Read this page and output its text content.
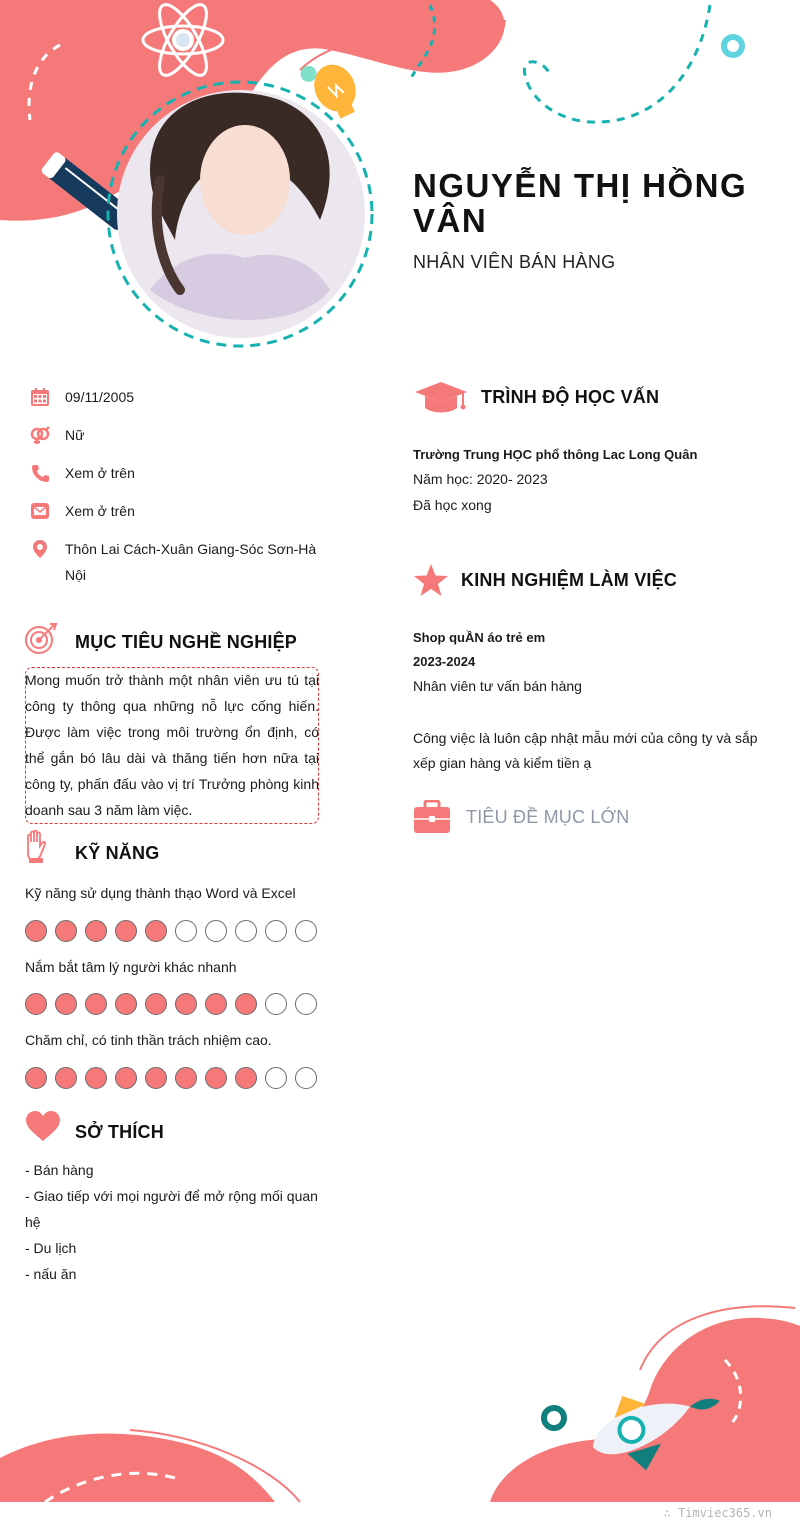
NGUYỄN THỊ HỒNG VÂN
NHÂN VIÊN BÁN HÀNG
09/11/2005
Nữ
Xem ở trên
Xem ở trên
Thôn Lai Cách-Xuân Giang-Sóc Sơn-Hà Nội
MỤC TIÊU NGHỀ NGHIỆP
Mong muốn trở thành một nhân viên ưu tú tại công ty thông qua những nỗ lực cống hiến. Được làm việc trong môi trường ổn định, có thể gắn bó lâu dài và thăng tiến hơn nữa tại công ty, phấn đấu vào vị trí Trưởng phòng kinh doanh sau 3 năm làm việc.
KỸ NĂNG
Kỹ năng sử dụng thành thạo Word và Excel
Nắm bắt tâm lý người khác nhanh
Chăm chỉ, có tinh thần trách nhiệm cao.
SỞ THÍCH
- Bán hàng
- Giao tiếp với mọi người để mở rộng mối quan hệ
- Du lịch
- nấu ăn
TRÌNH ĐỘ HỌC VẤN
Trường Trung HỌC phổ thông Lac Long Quân
Năm học: 2020- 2023
Đã học xong
KINH NGHIỆM LÀM VIỆC
Shop quẦN áo trẻ em
2023-2024
Nhân viên tư vấn bán hàng
Công việc là luôn cập nhật mẫu mới của công ty và sắp xếp gian hàng và kiểm tiền ạ
TIÊU ĐỀ MỤC LỚN
∴ Timviec365.vn
